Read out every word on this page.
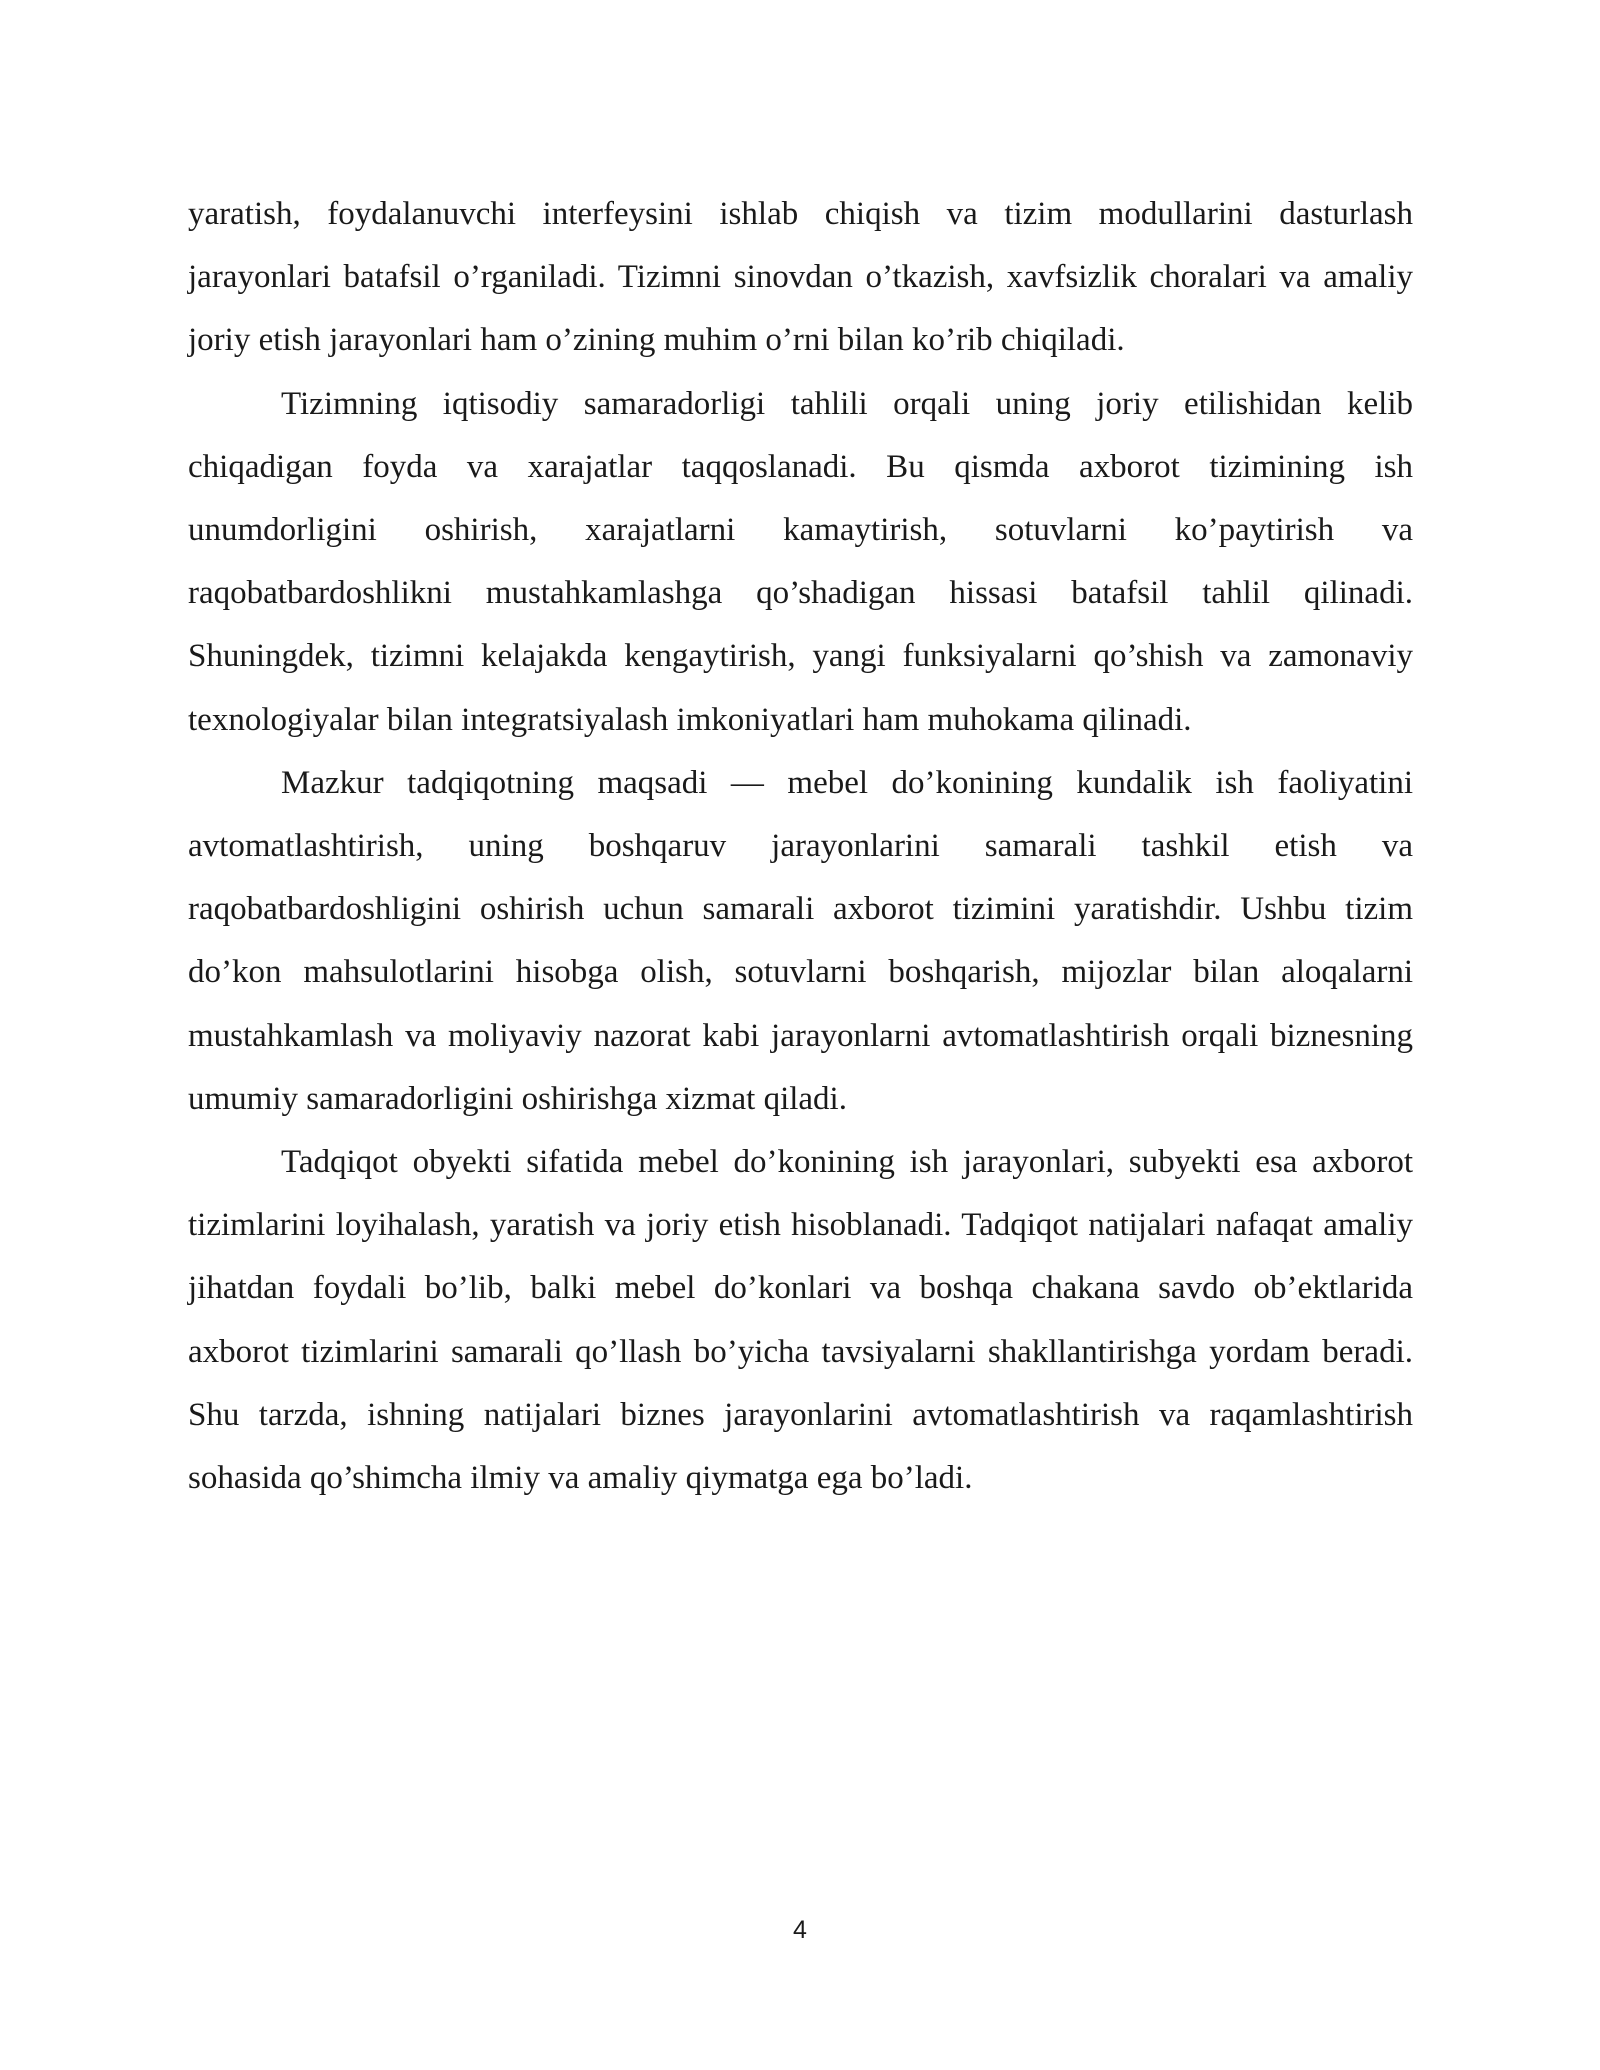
yaratish, foydalanuvchi interfeysini ishlab chiqish va tizim modullarini dasturlash jarayonlari batafsil o’rganiladi. Tizimni sinovdan o’tkazish, xavfsizlik choralari va amaliy joriy etish jarayonlari ham o’zining muhim o’rni bilan ko’rib chiqiladi.

Tizimning iqtisodiy samaradorligi tahlili orqali uning joriy etilishidan kelib chiqadigan foyda va xarajatlar taqqoslanadi. Bu qismda axborot tizimining ish unumdorligini oshirish, xarajatlarni kamaytirish, sotuvlarni ko’paytirish va raqobatbardoshlikni mustahkamlashga qo’shadigan hissasi batafsil tahlil qilinadi. Shuningdek, tizimni kelajakda kengaytirish, yangi funksiyalarni qo’shish va zamonaviy texnologiyalar bilan integratsiyalash imkoniyatlari ham muhokama qilinadi.

Mazkur tadqiqotning maqsadi — mebel do’konining kundalik ish faoliyatini avtomatlashtirish, uning boshqaruv jarayonlarini samarali tashkil etish va raqobatbardoshligini oshirish uchun samarali axborot tizimini yaratishdir. Ushbu tizim do’kon mahsulotlarini hisobga olish, sotuvlarni boshqarish, mijozlar bilan aloqalarni mustahkamlash va moliyaviy nazorat kabi jarayonlarni avtomatlashtirish orqali biznesning umumiy samaradorligini oshirishga xizmat qiladi.

Tadqiqot obyekti sifatida mebel do’konining ish jarayonlari, subyekti esa axborot tizimlarini loyihalash, yaratish va joriy etish hisoblanadi. Tadqiqot natijalari nafaqat amaliy jihatdan foydali bo’lib, balki mebel do’konlari va boshqa chakana savdo ob’ektlarida axborot tizimlarini samarali qo’llash bo’yicha tavsiyalarni shakllantirishga yordam beradi. Shu tarzda, ishning natijalari biznes jarayonlarini avtomatlashtirish va raqamlashtirish sohasida qo’shimcha ilmiy va amaliy qiymatga ega bo’ladi.

4
